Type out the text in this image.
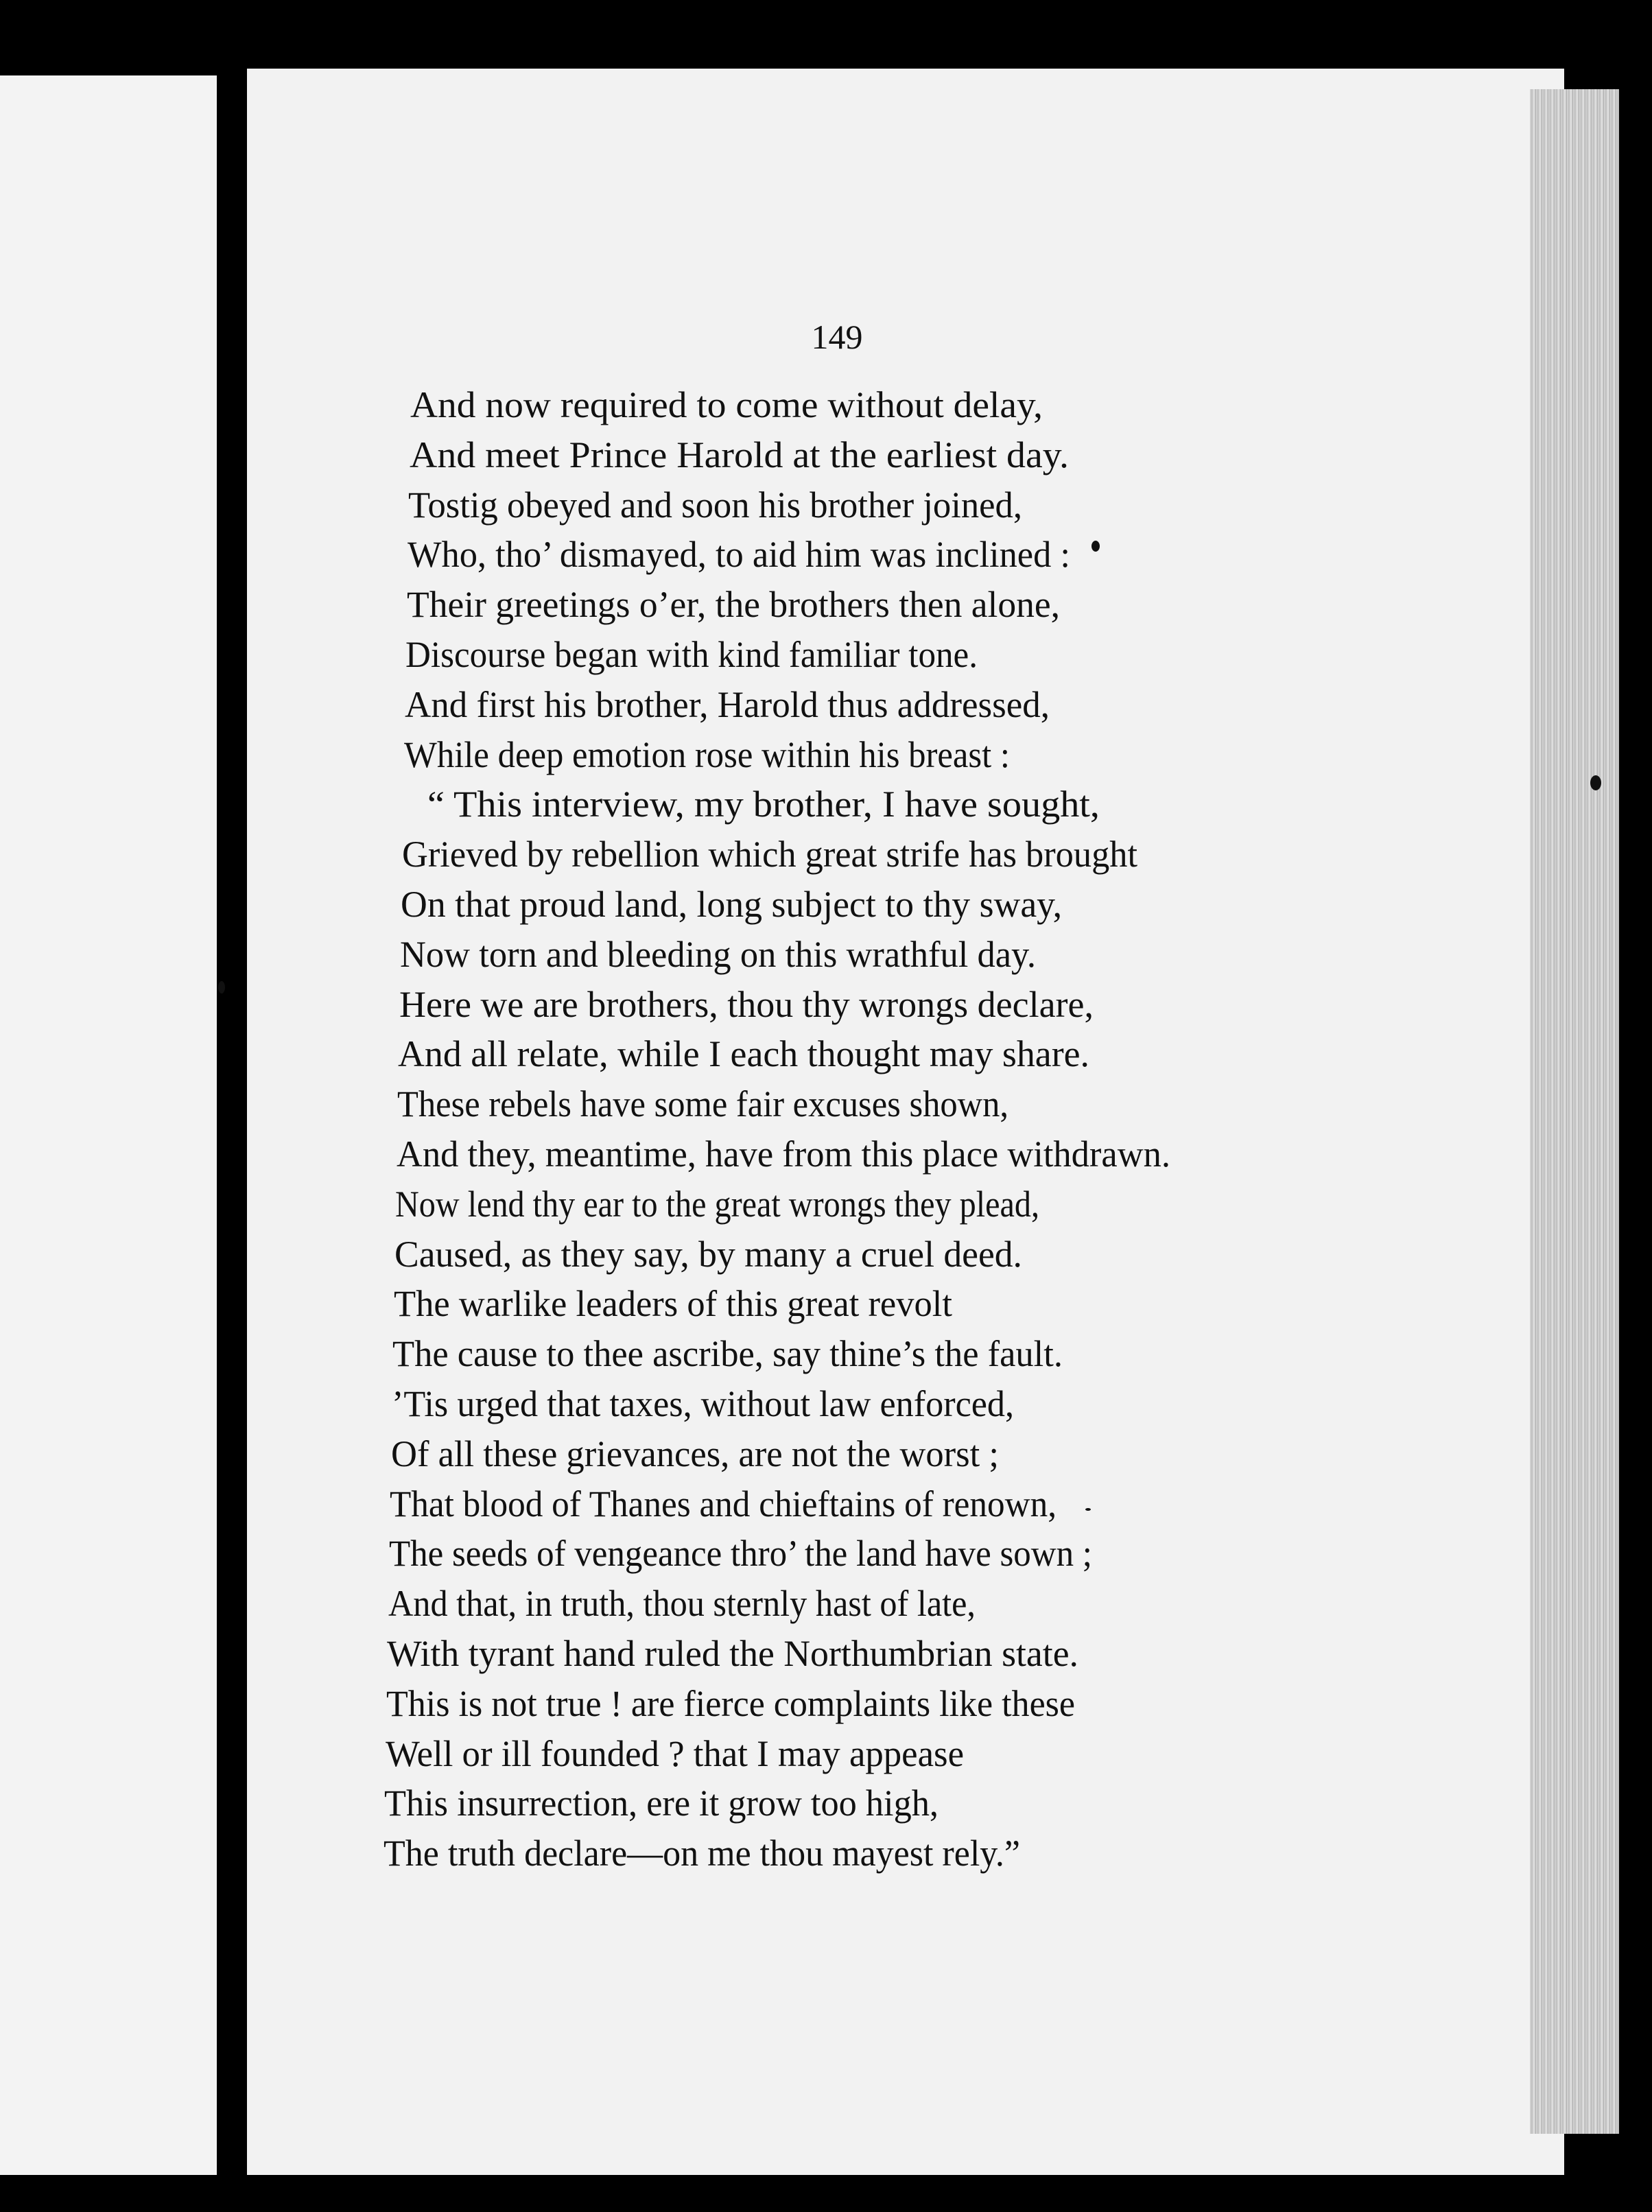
149
And now required to come without delay,
And meet Prince Harold at the earliest day.
Tostig obeyed and soon his brother joined,
Who, tho’ dismayed, to aid him was inclined :
Their greetings o’er, the brothers then alone,
Discourse began with kind familiar tone.
And first his brother, Harold thus addressed,
While deep emotion rose within his breast :
“ This interview, my brother, I have sought,
Grieved by rebellion which great strife has brought
On that proud land, long subject to thy sway,
Now torn and bleeding on this wrathful day.
Here we are brothers, thou thy wrongs declare,
And all relate, while I each thought may share.
These rebels have some fair excuses shown,
And they, meantime, have from this place withdrawn.
Now lend thy ear to the great wrongs they plead,
Caused, as they say, by many a cruel deed.
The warlike leaders of this great revolt
The cause to thee ascribe, say thine’s the fault.
’Tis urged that taxes, without law enforced,
Of all these grievances, are not the worst ;
That blood of Thanes and chieftains of renown,
The seeds of vengeance thro’ the land have sown ;
And that, in truth, thou sternly hast of late,
With tyrant hand ruled the Northumbrian state.
This is not true ! are fierce complaints like these
Well or ill founded ? that I may appease
This insurrection, ere it grow too high,
The truth declare—on me thou mayest rely.”
